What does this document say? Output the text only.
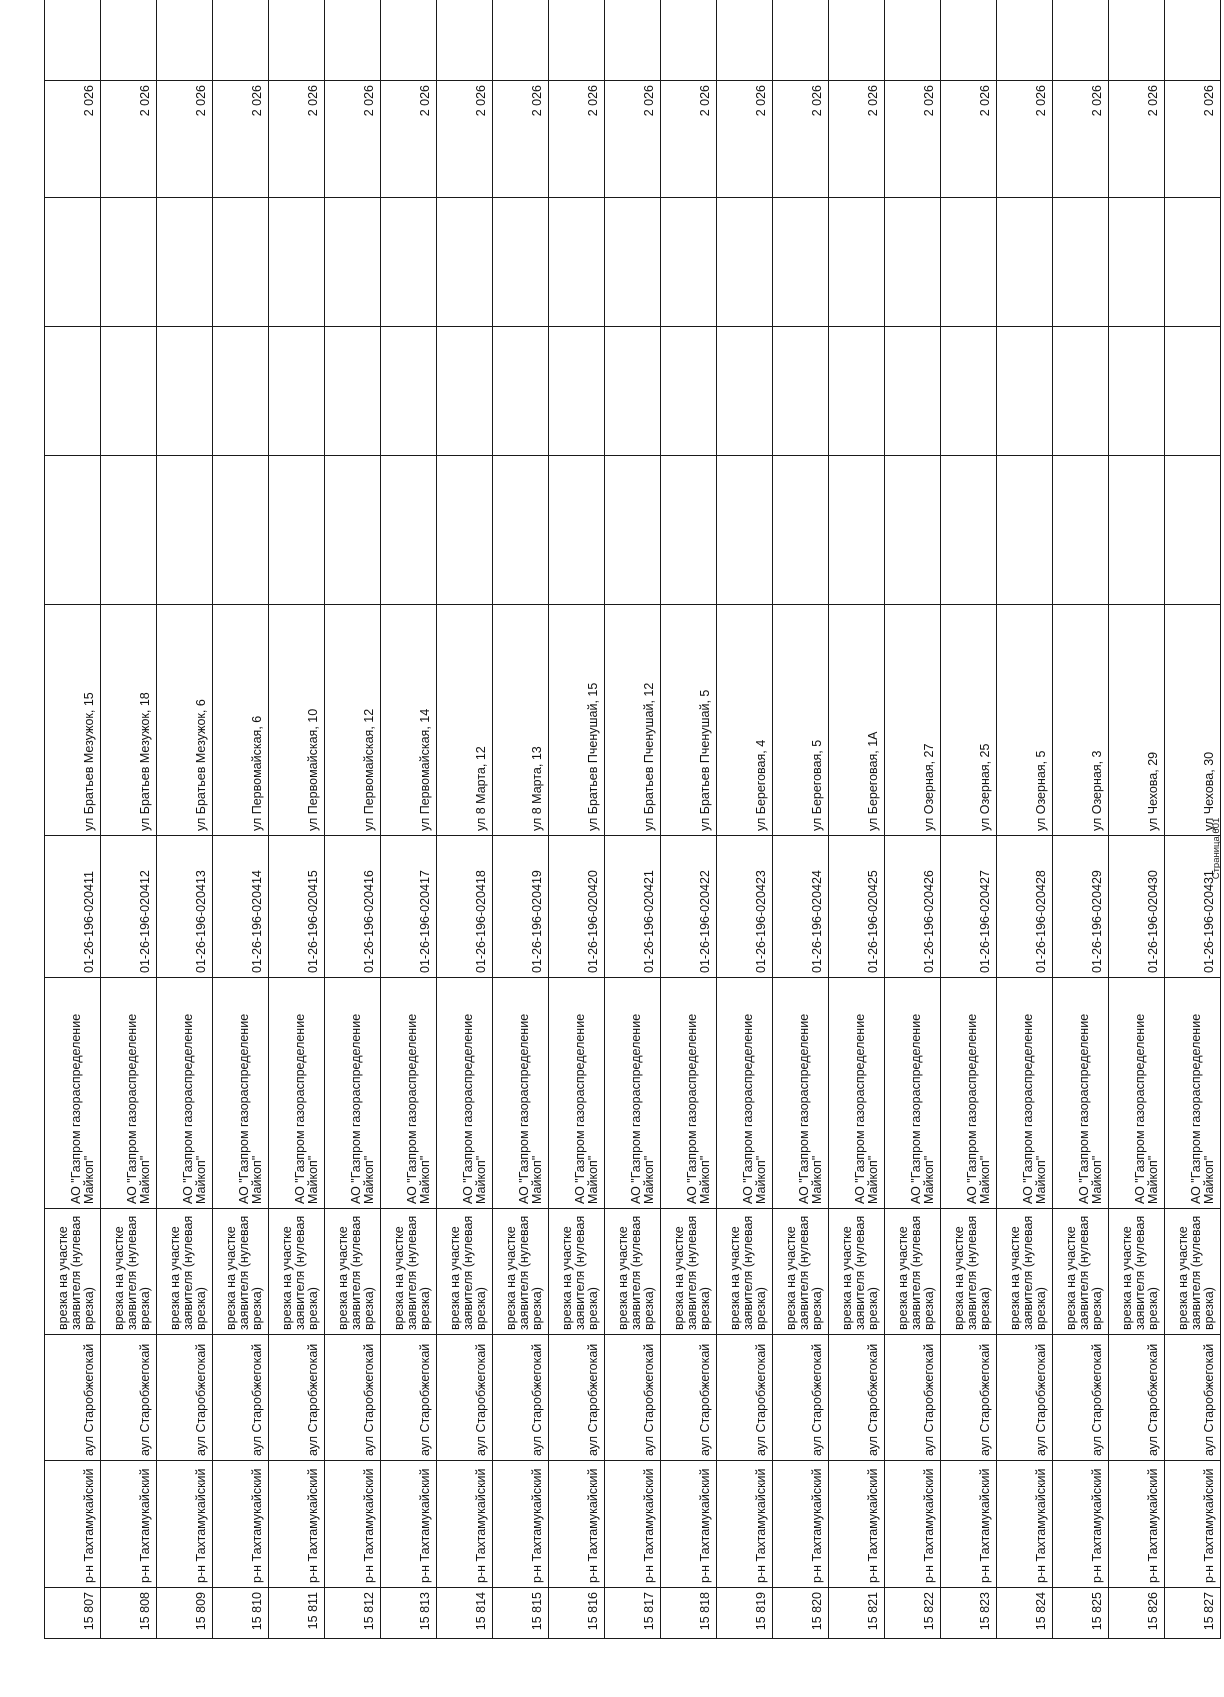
15 807	р-н Тахтамукайский	аул Старобжегокай	врезка на участке заявителя (нулевая врезка)	АО "Газпром газораспределение Майкоп"	01-26-196-020411	ул Братьев Мезужок, 15				2 026	
15 808	р-н Тахтамукайский	аул Старобжегокай	врезка на участке заявителя (нулевая врезка)	АО "Газпром газораспределение Майкоп"	01-26-196-020412	ул Братьев Мезужок, 18				2 026	
15 809	р-н Тахтамукайский	аул Старобжегокай	врезка на участке заявителя (нулевая врезка)	АО "Газпром газораспределение Майкоп"	01-26-196-020413	ул Братьев Мезужок, 6				2 026	
15 810	р-н Тахтамукайский	аул Старобжегокай	врезка на участке заявителя (нулевая врезка)	АО "Газпром газораспределение Майкоп"	01-26-196-020414	ул Первомайская, 6				2 026	
15 811	р-н Тахтамукайский	аул Старобжегокай	врезка на участке заявителя (нулевая врезка)	АО "Газпром газораспределение Майкоп"	01-26-196-020415	ул Первомайская, 10				2 026	
15 812	р-н Тахтамукайский	аул Старобжегокай	врезка на участке заявителя (нулевая врезка)	АО "Газпром газораспределение Майкоп"	01-26-196-020416	ул Первомайская, 12				2 026	
15 813	р-н Тахтамукайский	аул Старобжегокай	врезка на участке заявителя (нулевая врезка)	АО "Газпром газораспределение Майкоп"	01-26-196-020417	ул Первомайская, 14				2 026	
15 814	р-н Тахтамукайский	аул Старобжегокай	врезка на участке заявителя (нулевая врезка)	АО "Газпром газораспределение Майкоп"	01-26-196-020418	ул 8 Марта, 12				2 026	
15 815	р-н Тахтамукайский	аул Старобжегокай	врезка на участке заявителя (нулевая врезка)	АО "Газпром газораспределение Майкоп"	01-26-196-020419	ул 8 Марта, 13				2 026	
15 816	р-н Тахтамукайский	аул Старобжегокай	врезка на участке заявителя (нулевая врезка)	АО "Газпром газораспределение Майкоп"	01-26-196-020420	ул Братьев Пченушай, 15				2 026	
15 817	р-н Тахтамукайский	аул Старобжегокай	врезка на участке заявителя (нулевая врезка)	АО "Газпром газораспределение Майкоп"	01-26-196-020421	ул Братьев Пченушай, 12				2 026	
15 818	р-н Тахтамукайский	аул Старобжегокай	врезка на участке заявителя (нулевая врезка)	АО "Газпром газораспределение Майкоп"	01-26-196-020422	ул Братьев Пченушай, 5				2 026	
15 819	р-н Тахтамукайский	аул Старобжегокай	врезка на участке заявителя (нулевая врезка)	АО "Газпром газораспределение Майкоп"	01-26-196-020423	ул Береговая, 4				2 026	
15 820	р-н Тахтамукайский	аул Старобжегокай	врезка на участке заявителя (нулевая врезка)	АО "Газпром газораспределение Майкоп"	01-26-196-020424	ул Береговая, 5				2 026	
15 821	р-н Тахтамукайский	аул Старобжегокай	врезка на участке заявителя (нулевая врезка)	АО "Газпром газораспределение Майкоп"	01-26-196-020425	ул Береговая, 1А				2 026	
15 822	р-н Тахтамукайский	аул Старобжегокай	врезка на участке заявителя (нулевая врезка)	АО "Газпром газораспределение Майкоп"	01-26-196-020426	ул Озерная, 27				2 026	
15 823	р-н Тахтамукайский	аул Старобжегокай	врезка на участке заявителя (нулевая врезка)	АО "Газпром газораспределение Майкоп"	01-26-196-020427	ул Озерная, 25				2 026	
15 824	р-н Тахтамукайский	аул Старобжегокай	врезка на участке заявителя (нулевая врезка)	АО "Газпром газораспределение Майкоп"	01-26-196-020428	ул Озерная, 5				2 026	
15 825	р-н Тахтамукайский	аул Старобжегокай	врезка на участке заявителя (нулевая врезка)	АО "Газпром газораспределение Майкоп"	01-26-196-020429	ул Озерная, 3				2 026	
15 826	р-н Тахтамукайский	аул Старобжегокай	врезка на участке заявителя (нулевая врезка)	АО "Газпром газораспределение Майкоп"	01-26-196-020430	ул Чехова, 29				2 026	
15 827	р-н Тахтамукайский	аул Старобжегокай	врезка на участке заявителя (нулевая врезка)	АО "Газпром газораспределение Майкоп"	01-26-196-020431	ул Чехова, 30				2 026	
Страница 601
